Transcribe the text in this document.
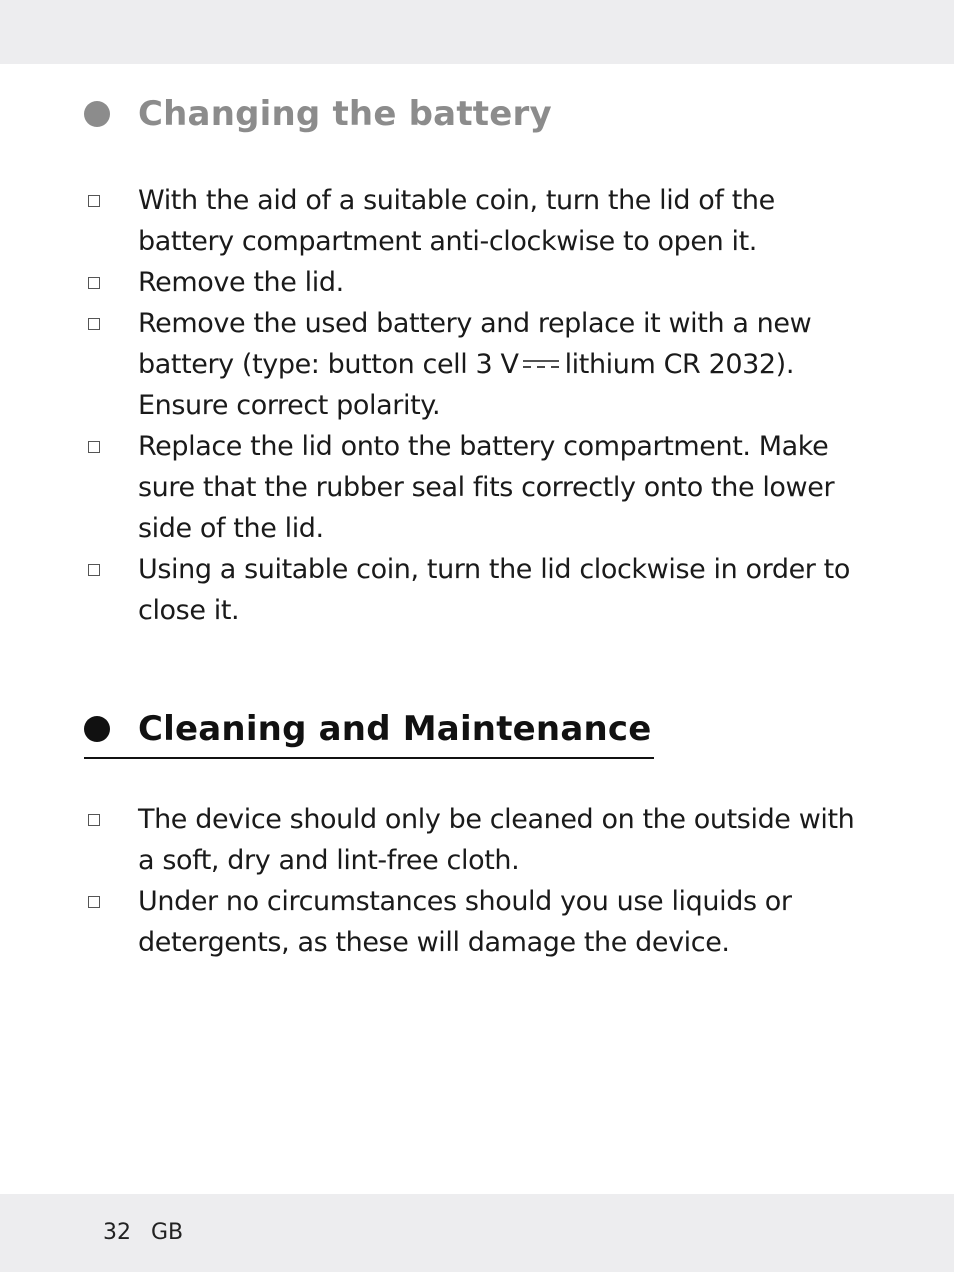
Changing the battery
With the aid of a suitable coin, turn the lid of the
battery compartment anti-clockwise to open it.
Remove the lid.
Remove the used battery and replace it with a new
battery (type: button cell 3 V lithium CR 2032).
Ensure correct polarity.
Replace the lid onto the battery compartment. Make
sure that the rubber seal fits correctly onto the lower
side of the lid.
Using a suitable coin, turn the lid clockwise in order to
close it.
Cleaning and Maintenance
The device should only be cleaned on the outside with
a soft, dry and lint-free cloth.
Under no circumstances should you use liquids or
detergents, as these will damage the device.
32 GB
